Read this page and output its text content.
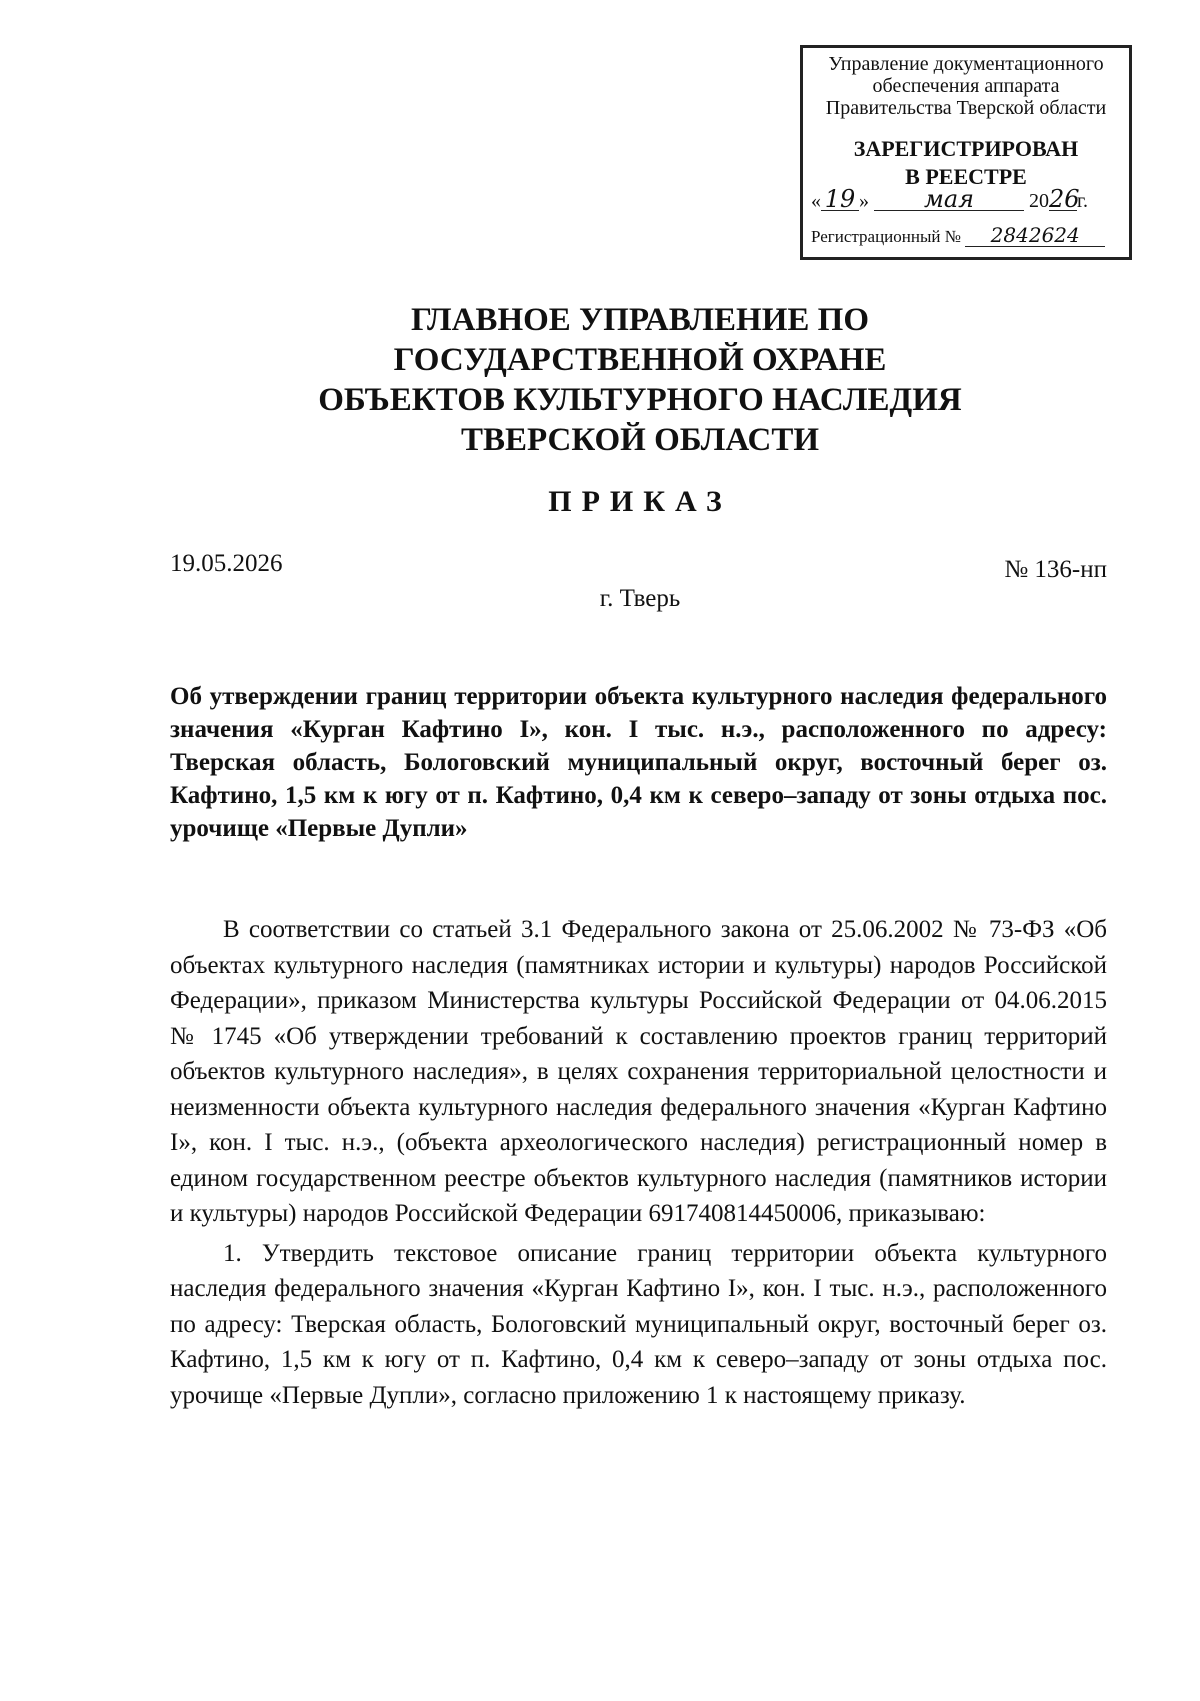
Управление документационного
обеспечения аппарата
Правительства Тверской области
ЗАРЕГИСТРИРОВАН
В РЕЕСТРЕ
« 19 » мая	2026г.
Регистрационный № 2842624
ГЛАВНОЕ УПРАВЛЕНИЕ ПО
ГОСУДАРСТВЕННОЙ ОХРАНЕ
ОБЪЕКТОВ КУЛЬТУРНОГО НАСЛЕДИЯ
ТВЕРСКОЙ ОБЛАСТИ
ПРИКАЗ
19.05.2026	№ 136-нп
г. Тверь
Об утверждении границ территории объекта культурного наследия федерального значения «Курган Кафтино I», кон. I тыс. н.э., расположенного по адресу: Тверская область, Бологовский муниципальный округ, восточный берег оз. Кафтино, 1,5 км к югу от п. Кафтино, 0,4 км к северо–западу от зоны отдыха пос. урочище «Первые Дупли»

В соответствии со статьей 3.1 Федерального закона от 25.06.2002 № 73-ФЗ «Об объектах культурного наследия (памятниках истории и культуры) народов Российской Федерации», приказом Министерства культуры Российской Федерации от 04.06.2015 № 1745 «Об утверждении требований к составлению проектов границ территорий объектов культурного наследия», в целях сохранения территориальной целостности и неизменности объекта культурного наследия федерального значения «Курган Кафтино I», кон. I тыс. н.э., (объекта археологического наследия) регистрационный номер в едином государственном реестре объектов культурного наследия (памятников истории и культуры) народов Российской Федерации 691740814450006, приказываю:

1. Утвердить текстовое описание границ территории объекта культурного наследия федерального значения «Курган Кафтино I», кон. I тыс. н.э., расположенного по адресу: Тверская область, Бологовский муниципальный округ, восточный берег оз. Кафтино, 1,5 км к югу от п. Кафтино, 0,4 км к северо–западу от зоны отдыха пос. урочище «Первые Дупли», согласно приложению 1 к настоящему приказу.
